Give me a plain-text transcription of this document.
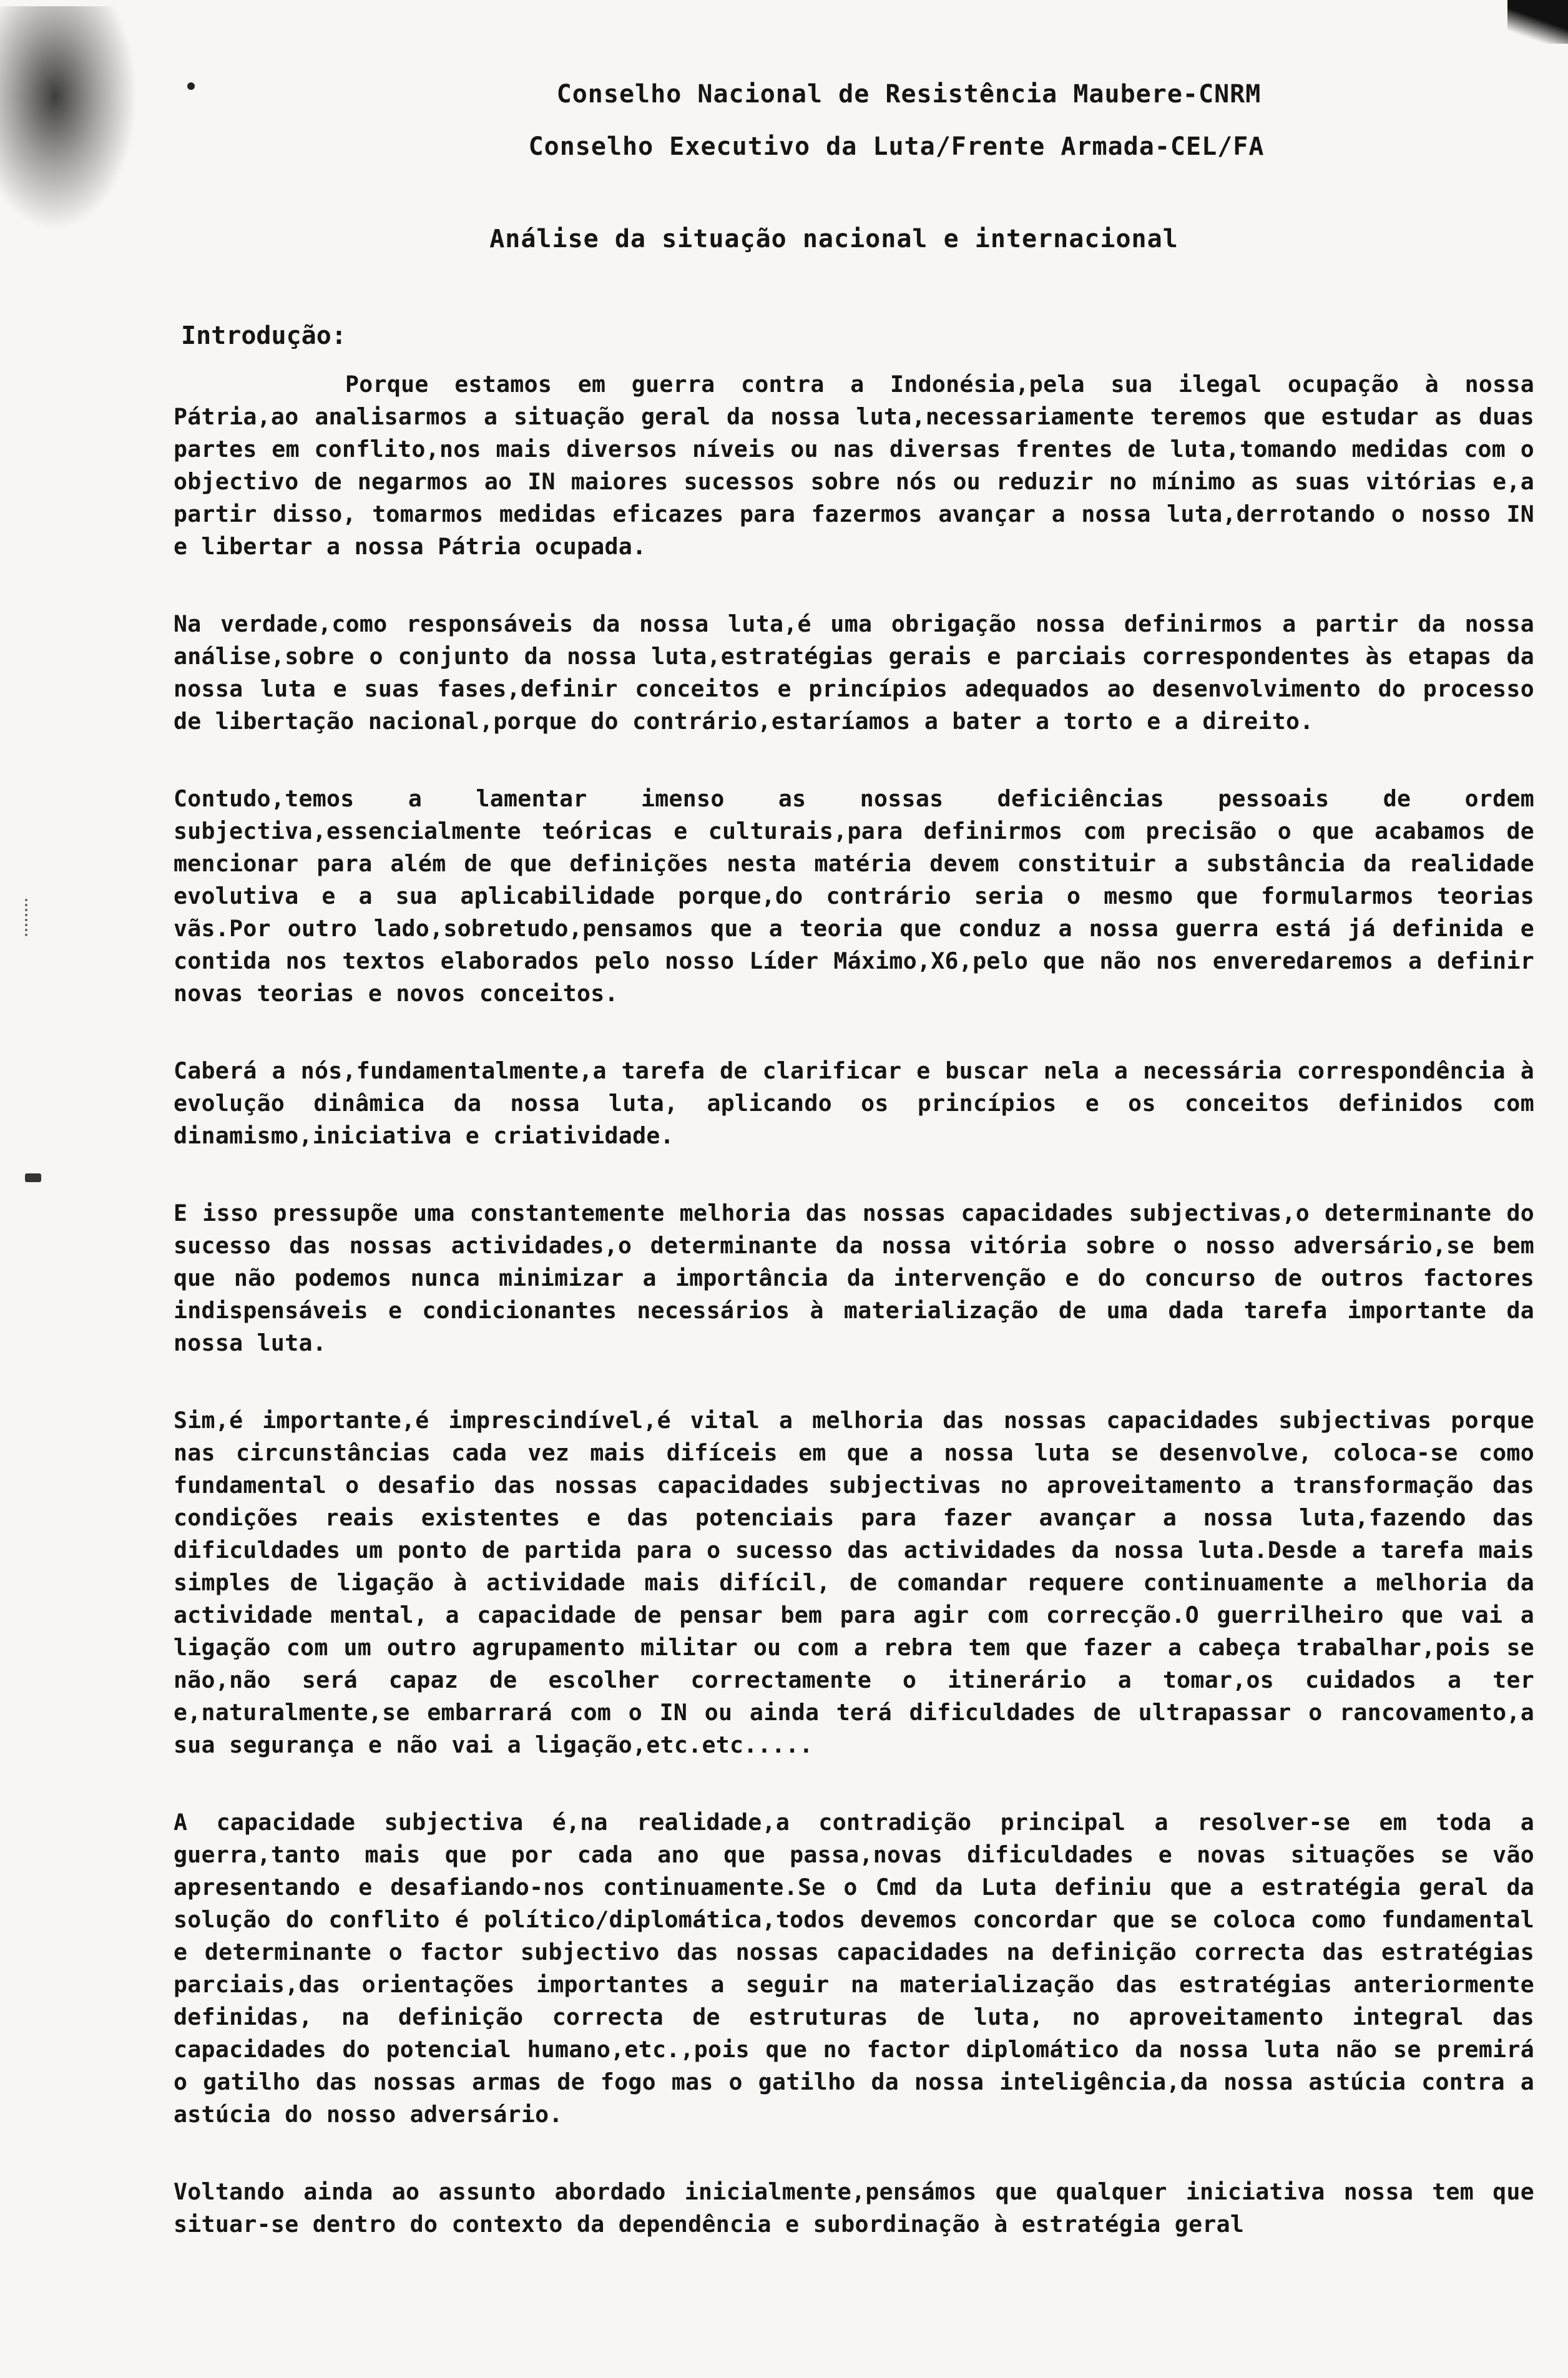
Conselho Nacional de Resistência Maubere-CNRM
Conselho Executivo da Luta/Frente Armada-CEL/FA
Análise da situação nacional e internacional
Introdução:

Porque estamos em guerra contra a Indonésia,pela sua ilegal ocupação à nossa Pátria,ao analisarmos a situação geral da nossa luta,necessariamente teremos que estudar as duas partes em conflito,nos mais diversos níveis ou nas diversas frentes de luta,tomando medidas com o objectivo de negarmos ao IN maiores sucessos sobre nós ou reduzir no mínimo as suas vitórias e,a partir disso, tomarmos medidas eficazes para fazermos avançar a nossa luta,derrotando o nosso IN e libertar a nossa Pátria ocupada.

Na verdade,como responsáveis da nossa luta,é uma obrigação nossa definirmos a partir da nossa análise,sobre o conjunto da nossa luta,estratégias gerais e parciais correspondentes às etapas da nossa luta e suas fases,definir conceitos e princípios adequados ao desenvolvimento do processo de libertação nacional,porque do contrário,estaríamos a bater a torto e a direito.

Contudo,temos a lamentar imenso as nossas deficiências pessoais de ordem subjectiva,essencialmente teóricas e culturais,para definirmos com precisão o que acabamos de mencionar para além de que definições nesta matéria devem constituir a substância da realidade evolutiva e a sua aplicabilidade porque,do contrário seria o mesmo que formularmos teorias vãs.Por outro lado,sobretudo,pensamos que a teoria que conduz a nossa guerra está já definida e contida nos textos elaborados pelo nosso Líder Máximo,X6,pelo que não nos enveredaremos a definir novas teorias e novos conceitos.

Caberá a nós,fundamentalmente,a tarefa de clarificar e buscar nela a necessária correspondência à evolução dinâmica da nossa luta, aplicando os princípios e os conceitos definidos com dinamismo,iniciativa e criatividade.

E isso pressupõe uma constantemente melhoria das nossas capacidades subjectivas,o determinante do sucesso das nossas actividades,o determinante da nossa vitória sobre o nosso adversário,se bem que não podemos nunca minimizar a importância da intervenção e do concurso de outros factores indispensáveis e condicionantes necessários à materialização de uma dada tarefa importante da nossa luta.

Sim,é importante,é imprescindível,é vital a melhoria das nossas capacidades subjectivas porque nas circunstâncias cada vez mais difíceis em que a nossa luta se desenvolve, coloca-se como fundamental o desafio das nossas capacidades subjectivas no aproveitamento a transformação das condições reais existentes e das potenciais para fazer avançar a nossa luta,fazendo das dificuldades um ponto de partida para o sucesso das actividades da nossa luta.Desde a tarefa mais simples de ligação à actividade mais difícil, de comandar requere continuamente a melhoria da actividade mental, a capacidade de pensar bem para agir com correcção.O guerrilheiro que vai a ligação com um outro agrupamento militar ou com a rebra tem que fazer a cabeça trabalhar,pois se não,não será capaz de escolher correctamente o itinerário a tomar,os cuidados a ter e,naturalmente,se embarrará com o IN ou ainda terá dificuldades de ultrapassar o rancovamento,a sua segurança e não vai a ligação,etc.etc.....

A capacidade subjectiva é,na realidade,a contradição principal a resolver-se em toda a guerra,tanto mais que por cada ano que passa,novas dificuldades e novas situações se vão apresentando e desafiando-nos continuamente.Se o Cmd da Luta definiu que a estratégia geral da solução do conflito é político/diplomática,todos devemos concordar que se coloca como fundamental e determinante o factor subjectivo das nossas capacidades na definição correcta das estratégias parciais,das orientações importantes a seguir na materialização das estratégias anteriormente definidas, na definição correcta de estruturas de luta, no aproveitamento integral das capacidades do potencial humano,etc.,pois que no factor diplomático da nossa luta não se premirá o gatilho das nossas armas de fogo mas o gatilho da nossa inteligência,da nossa astúcia contra a astúcia do nosso adversário.

Voltando ainda ao assunto abordado inicialmente,pensámos que qualquer iniciativa nossa tem que situar-se dentro do contexto da dependência e subordinação à estratégia geral
